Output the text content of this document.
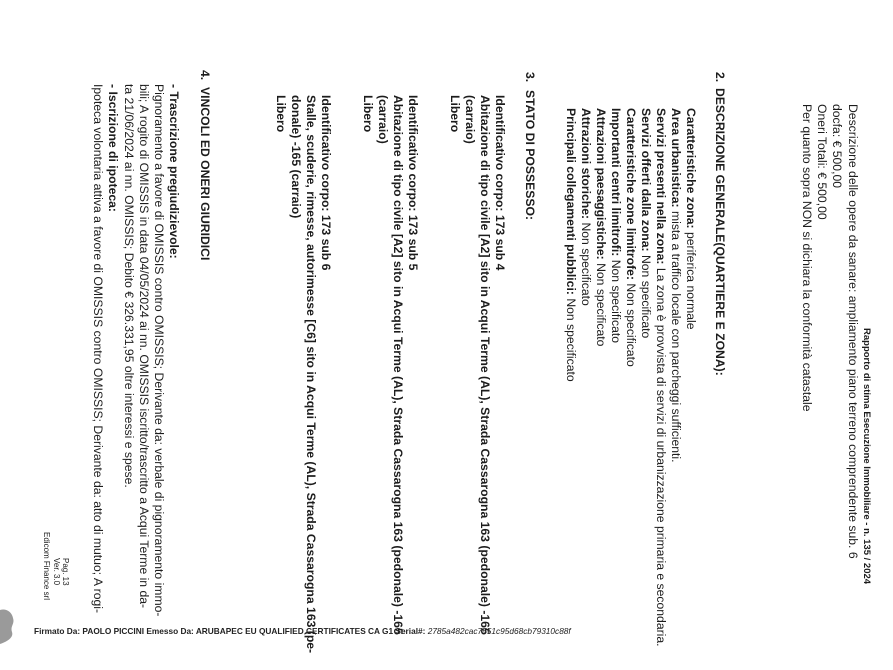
Rapporto di stima Esecuzione Immobiliare - n. 135 / 2024
Descrizione delle opere da sanare: ampliamento piano terreno comprendente sub. 6
docfa: € 500,00
Oneri Totali: € 500,00
Per quanto sopra NON si dichiara la conformità catastale
2.
DESCRIZIONE GENERALE(QUARTIERE E ZONA):
Caratteristiche zona: periferica normale
Area urbanistica: mista a traffico locale con parcheggi sufficienti.
Servizi presenti nella zona: La zona è provvista di servizi di urbanizzazione primaria e secondaria.
Servizi offerti dalla zona: Non specificato
Caratteristiche zone limitrofe: Non specificato
Importanti centri limitrofi: Non specificato
Attrazioni paesaggistiche: Non specificato
Attrazioni storiche: Non specificato
Principali collegamenti pubblici: Non specificato
3.
STATO DI POSSESSO:
Identificativo corpo: 173 sub 4
Abitazione di tipo civile [A2] sito in Acqui Terme (AL), Strada Cassarogna 163 (pedonale) -165
(carraio)
Libero
Identificativo corpo: 173 sub 5
Abitazione di tipo civile [A2] sito in Acqui Terme (AL), Strada Cassarogna 163 (pedonale) -165
(carraio)
Libero
Identificativo corpo: 173 sub 6
Stalle, scuderie, rimesse, autorimesse [C6] sito in Acqui Terme (AL), Strada Cassarogna 163 (pe-
donale) -165 (carraio)
Libero
4.
VINCOLI ED ONERI GIURIDICI
- Trascrizione pregiudizievole:
Pignoramento a favore di OMISSIS contro OMISSIS; Derivante da: verbale di pignoramento immo-
bili; A rogito di OMISSIS in data 04/05/2024 ai nn. OMISSIS iscritto/trascritto a Acqui Terme in da-
ta 21/06/2024 ai nn. OMISSIS; Debito € 326.331,95 oltre interessi e spese.
- Iscrizione di ipoteca:
Ipoteca volontaria attiva a favore di OMISSIS contro OMISSIS; Derivante da: atto di mutuo; A rogi-
Pag. 13
Ver. 3.0
Edicom Finance srl
Firmato Da: PAOLO PICCINI Emesso Da: ARUBAPEC EU QUALIFIED CERTIFICATES CA G1 Serial#: 2785a482cac7551c95d68cb79310c88f
